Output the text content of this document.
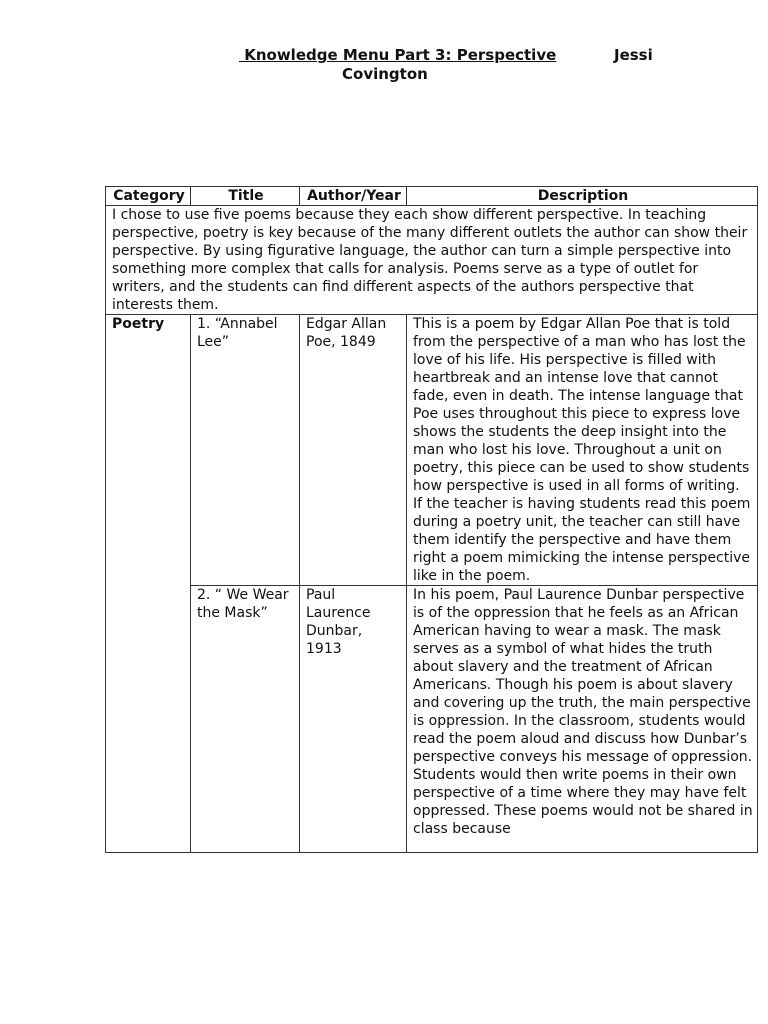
Knowledge Menu Part 3: Perspective	Jessi
Covington
Category	Title	Author/Year	Description
I chose to use five poems because they each show different perspective. In teaching perspective, poetry is key because of the many different outlets the author can show their perspective. By using figurative language, the author can turn a simple perspective into something more complex that calls for analysis. Poems serve as a type of outlet for writers, and the students can find different aspects of the authors perspective that interests them.			
Poetry	1. “Annabel Lee”	Edgar Allan Poe, 1849	This is a poem by Edgar Allan Poe that is told from the perspective of a man who has lost the love of his life. His perspective is filled with heartbreak and an intense love that cannot fade, even in death. The intense language that Poe uses throughout this piece to express love shows the students the deep insight into the man who lost his love. Throughout a unit on poetry, this piece can be used to show students how perspective is used in all forms of writing. If the teacher is having students read this poem during a poetry unit, the teacher can still have them identify the perspective and have them right a poem mimicking the intense perspective like in the poem.
	2. “ We Wear the Mask”	Paul Laurence Dunbar, 1913	In his poem, Paul Laurence Dunbar perspective is of the oppression that he feels as an African American having to wear a mask. The mask serves as a symbol of what hides the truth about slavery and the treatment of African Americans. Though his poem is about slavery and covering up the truth, the main perspective is oppression. In the classroom, students would read the poem aloud and discuss how Dunbar’s perspective conveys his message of oppression. Students would then write poems in their own perspective of a time where they may have felt oppressed. These poems would not be shared in class because
